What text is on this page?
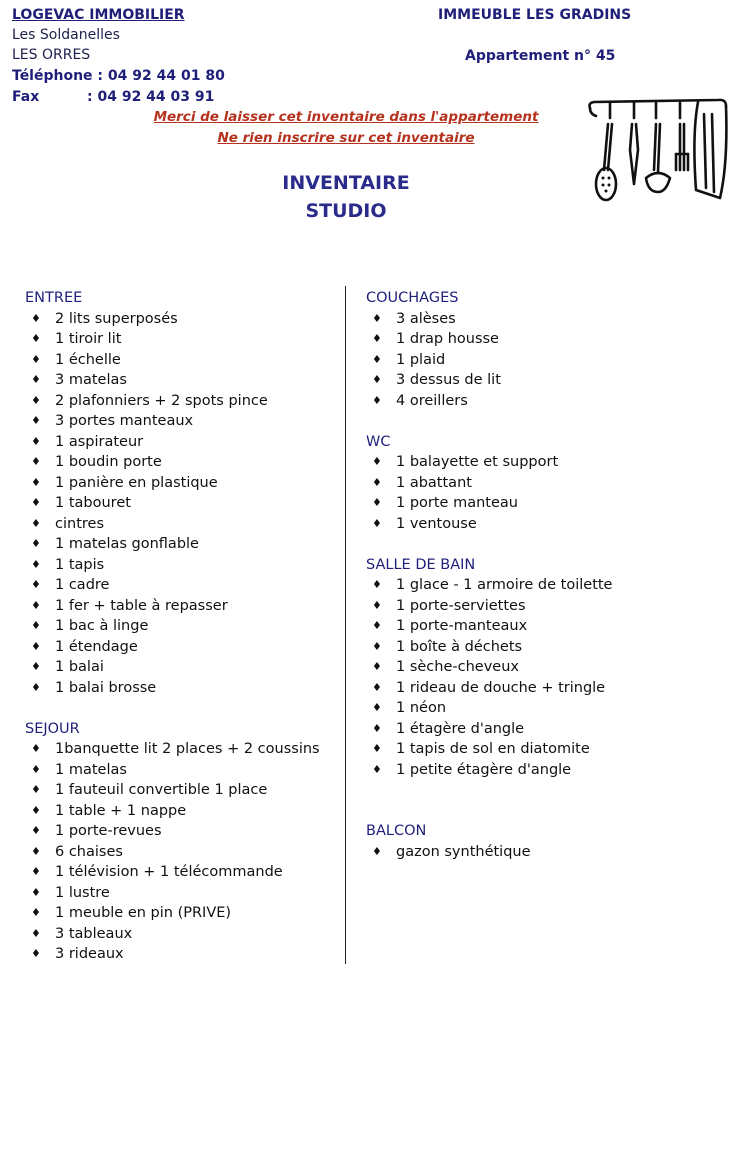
LOGEVAC IMMOBILIER
Les Soldanelles
LES ORRES
Téléphone : 04 92 44 01 80
Fax	: 04 92 44 03 91
IMMEUBLE LES GRADINS
Appartement n° 45
Merci de laisser cet inventaire dans l'appartement
Ne rien inscrire sur cet inventaire
INVENTAIRE
STUDIO
ENTREE
♦ 2 lits superposés
♦ 1 tiroir lit
♦ 1 échelle
♦ 3 matelas
♦ 2 plafonniers + 2 spots pince
♦ 3 portes manteaux
♦ 1 aspirateur
♦ 1 boudin porte
♦ 1 panière en plastique
♦ 1 tabouret
♦ cintres
♦ 1 matelas gonflable
♦ 1 tapis
♦ 1 cadre
♦ 1 fer + table à repasser
♦ 1 bac à linge
♦ 1 étendage
♦ 1 balai
♦ 1 balai brosse
SEJOUR
♦ 1banquette lit 2 places + 2 coussins
♦ 1 matelas
♦ 1 fauteuil convertible 1 place
♦ 1 table + 1 nappe
♦ 1 porte-revues
♦ 6 chaises
♦ 1 télévision + 1 télécommande
♦ 1 lustre
♦ 1 meuble en pin (PRIVE)
♦ 3 tableaux
♦ 3 rideaux
COUCHAGES
♦ 3 alèses
♦ 1 drap housse
♦ 1 plaid
♦ 3 dessus de lit
♦ 4 oreillers
WC
♦ 1 balayette et support
♦ 1 abattant
♦ 1 porte manteau
♦ 1 ventouse
SALLE DE BAIN
♦ 1 glace - 1 armoire de toilette
♦ 1 porte-serviettes
♦ 1 porte-manteaux
♦ 1 boîte à déchets
♦ 1 sèche-cheveux
♦ 1 rideau de douche + tringle
♦ 1 néon
♦ 1 étagère d'angle
♦ 1 tapis de sol en diatomite
♦ 1 petite étagère d'angle
BALCON
♦ gazon synthétique
